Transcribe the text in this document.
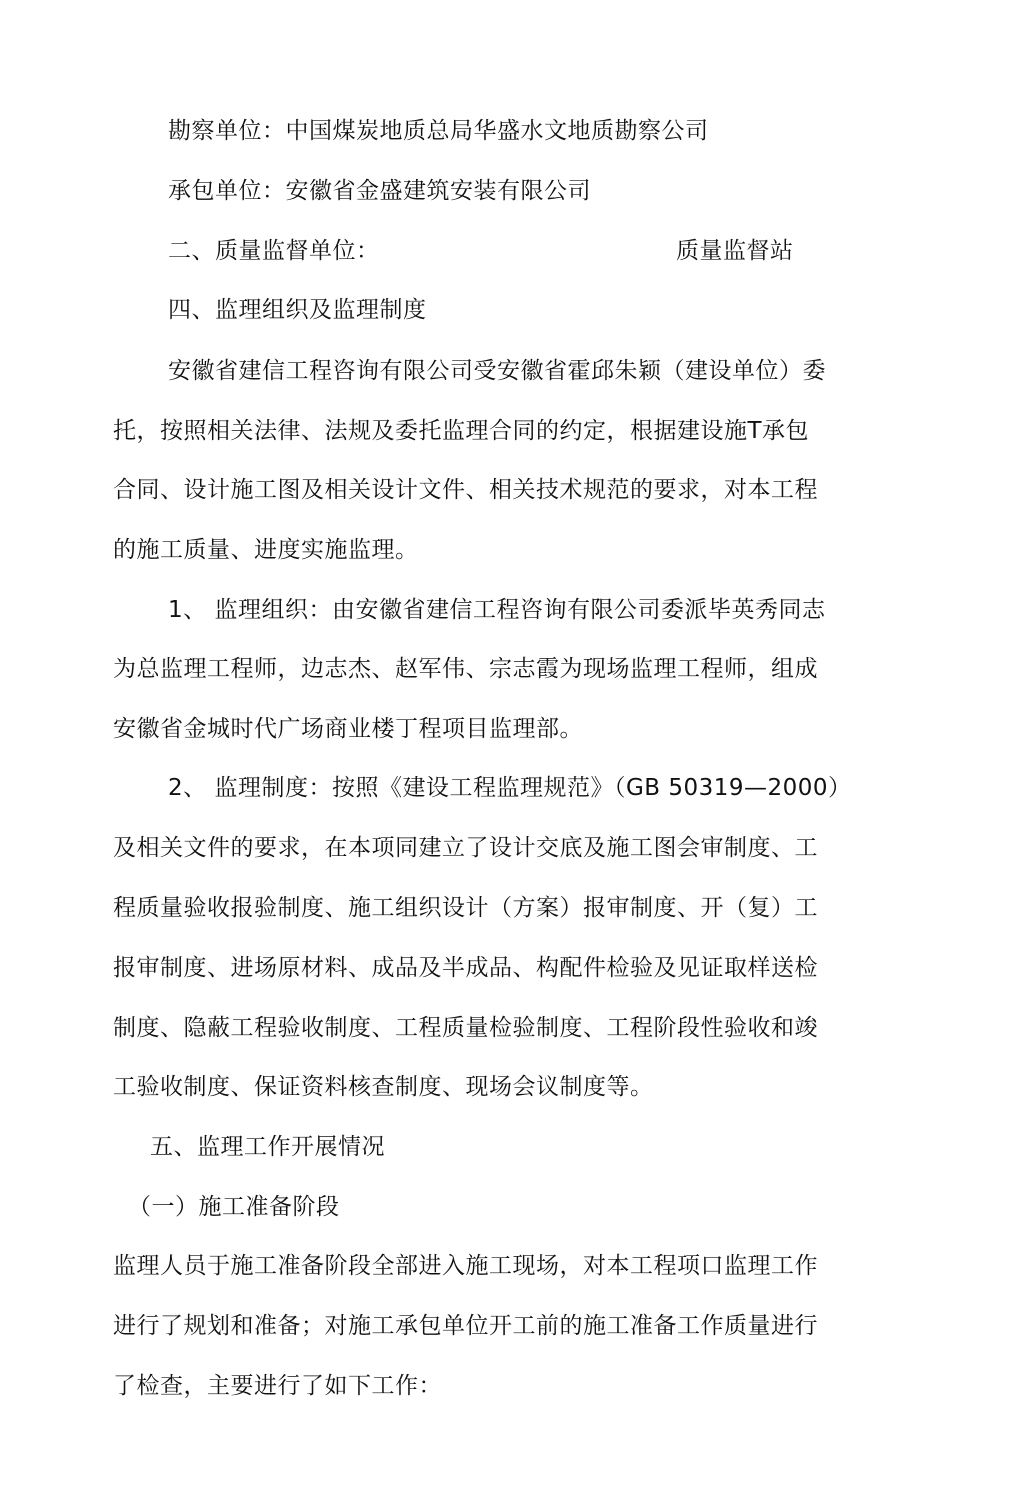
勘察单位：中国煤炭地质总局华盛水文地质勘察公司
承包单位：安徽省金盛建筑安装有限公司
二、质量监督单位：	质量监督站
四、监理组织及监理制度
安徽省建信工程咨询有限公司受安徽省霍邱朱颖（建设单位）委
托，按照相关法律、法规及委托监理合同的约定，根据建设施T承包
合同、设计施工图及相关设计文件、相关技术规范的要求，对本工程
的施工质量、进度实施监理。
1、 监理组织：由安徽省建信工程咨询有限公司委派毕英秀同志
为总监理工程师，边志杰、赵军伟、宗志霞为现场监理工程师，组成
安徽省金城时代广场商业楼丁程项目监理部。
2、 监理制度：按照《建设工程监理规范》（GB 50319—2000）
及相关文件的要求，在本项同建立了设计交底及施工图会审制度、工
程质量验收报验制度、施工组织设计（方案）报审制度、开（复）工
报审制度、进场原材料、成品及半成品、构配件检验及见证取样送检
制度、隐蔽工程验收制度、工程质量检验制度、工程阶段性验收和竣
工验收制度、保证资料核查制度、现场会议制度等。
五、监理工作开展情况
（一）施工准备阶段
监理人员于施工准备阶段全部进入施工现场，对本工程项口监理工作
进行了规划和准备；对施工承包单位开工前的施工准备工作质量进行
了检查，主要进行了如下工作：
